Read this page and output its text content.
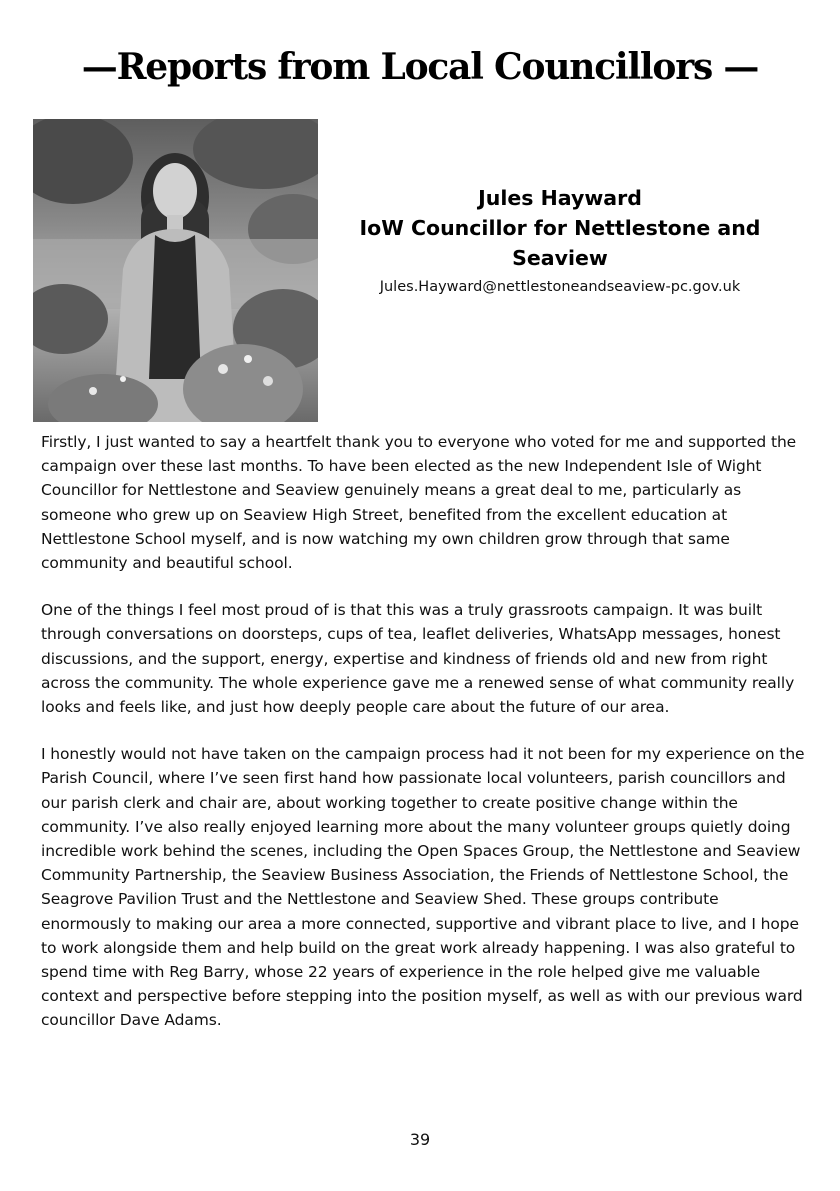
—Reports from Local Councillors —
Jules Hayward
IoW Councillor for Nettlestone and Seaview
Jules.Hayward@nettlestoneandseaview-pc.gov.uk

Firstly, I just wanted to say a heartfelt thank you to everyone who voted for me and supported the campaign over these last months. To have been elected as the new Independent Isle of Wight Councillor for Nettlestone and Seaview genuinely means a great deal to me, particularly as someone who grew up on Seaview High Street, benefited from the excellent education at Nettlestone School myself, and is now watching my own children grow through that same community and beautiful school.

One of the things I feel most proud of is that this was a truly grassroots campaign. It was built through conversations on doorsteps, cups of tea, leaflet deliveries, WhatsApp messages, honest discussions, and the support, energy, expertise and kindness of friends old and new from right across the community. The whole experience gave me a renewed sense of what community really looks and feels like, and just how deeply people care about the future of our area.

I honestly would not have taken on the campaign process had it not been for my experience on the Parish Council, where I’ve seen first hand how passionate local volunteers, parish councillors and our parish clerk and chair are, about working together to create positive change within the community. I’ve also really enjoyed learning more about the many volunteer groups quietly doing incredible work behind the scenes, including the Open Spaces Group, the Nettlestone and Seaview Community Partnership, the Seaview Business Association, the Friends of Nettlestone School, the Seagrove Pavilion Trust and the Nettlestone and Seaview Shed. These groups contribute enormously to making our area a more connected, supportive and vibrant place to live, and I hope to work alongside them and help build on the great work already happening. I was also grateful to spend time with Reg Barry, whose 22 years of experience in the role helped give me valuable context and perspective before stepping into the position myself, as well as with our previous ward councillor Dave Adams.

39
